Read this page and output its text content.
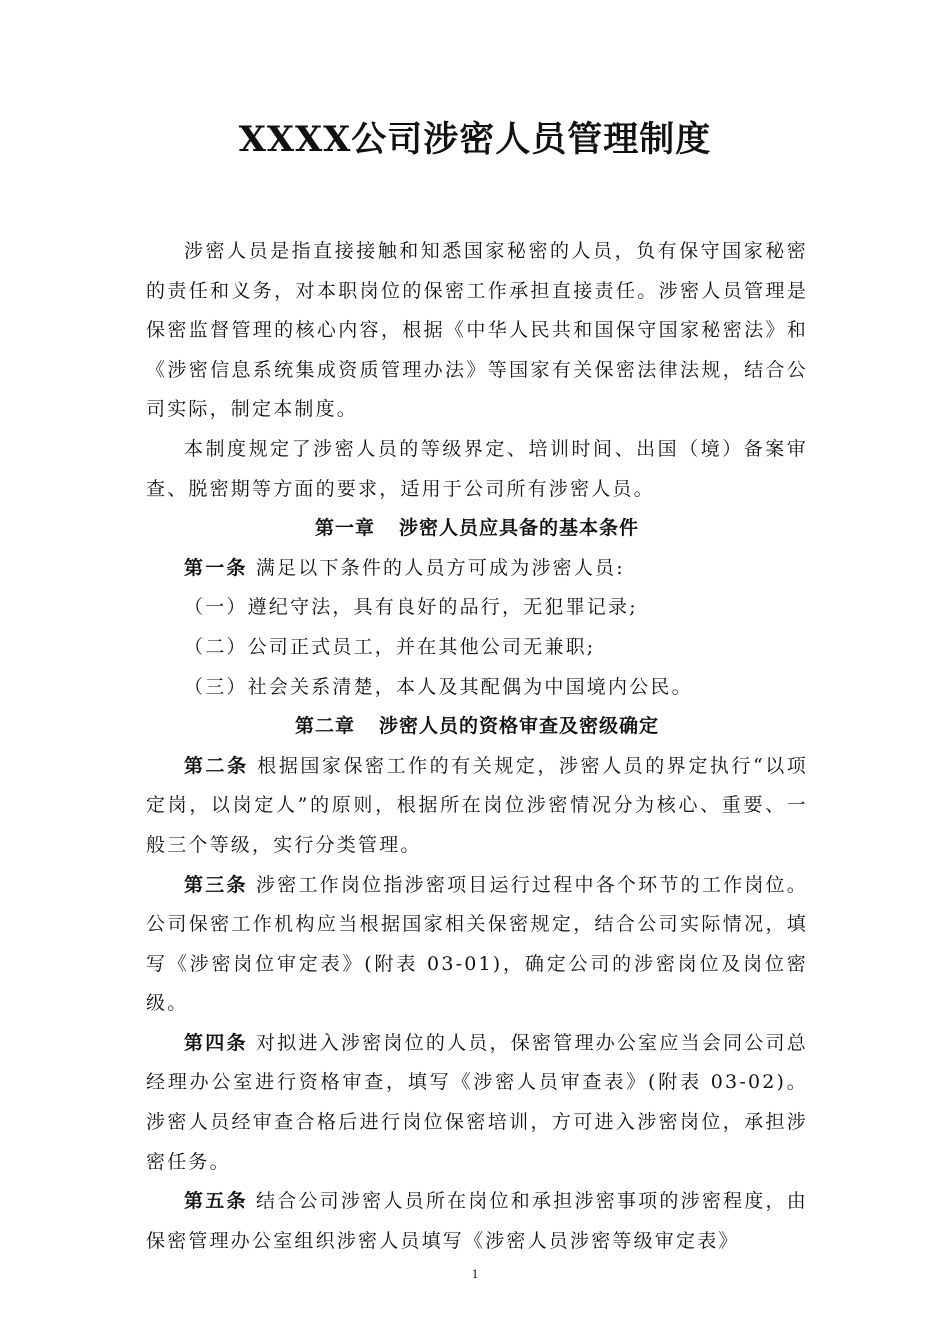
XXXX公司涉密人员管理制度

涉密人员是指直接接触和知悉国家秘密的人员，负有保守国家秘密的责任和义务，对本职岗位的保密工作承担直接责任。涉密人员管理是保密监督管理的核心内容，根据《中华人民共和国保守国家秘密法》和《涉密信息系统集成资质管理办法》等国家有关保密法律法规，结合公司实际，制定本制度。

本制度规定了涉密人员的等级界定、培训时间、出国（境）备案审查、脱密期等方面的要求，适用于公司所有涉密人员。

第一章 涉密人员应具备的基本条件

第一条 满足以下条件的人员方可成为涉密人员:

（一）遵纪守法，具有良好的品行，无犯罪记录;

（二）公司正式员工，并在其他公司无兼职;

（三）社会关系清楚，本人及其配偶为中国境内公民。

第二章 涉密人员的资格审查及密级确定

第二条 根据国家保密工作的有关规定，涉密人员的界定执行“以项定岗，以岗定人”的原则，根据所在岗位涉密情况分为核心、重要、一般三个等级，实行分类管理。

第三条 涉密工作岗位指涉密项目运行过程中各个环节的工作岗位。公司保密工作机构应当根据国家相关保密规定，结合公司实际情况，填写《涉密岗位审定表》(附表 03-01)，确定公司的涉密岗位及岗位密级。

第四条 对拟进入涉密岗位的人员，保密管理办公室应当会同公司总经理办公室进行资格审查，填写《涉密人员审查表》(附表 03-02)。涉密人员经审查合格后进行岗位保密培训，方可进入涉密岗位，承担涉密任务。

第五条 结合公司涉密人员所在岗位和承担涉密事项的涉密程度，由保密管理办公室组织涉密人员填写《涉密人员涉密等级审定表》

1
